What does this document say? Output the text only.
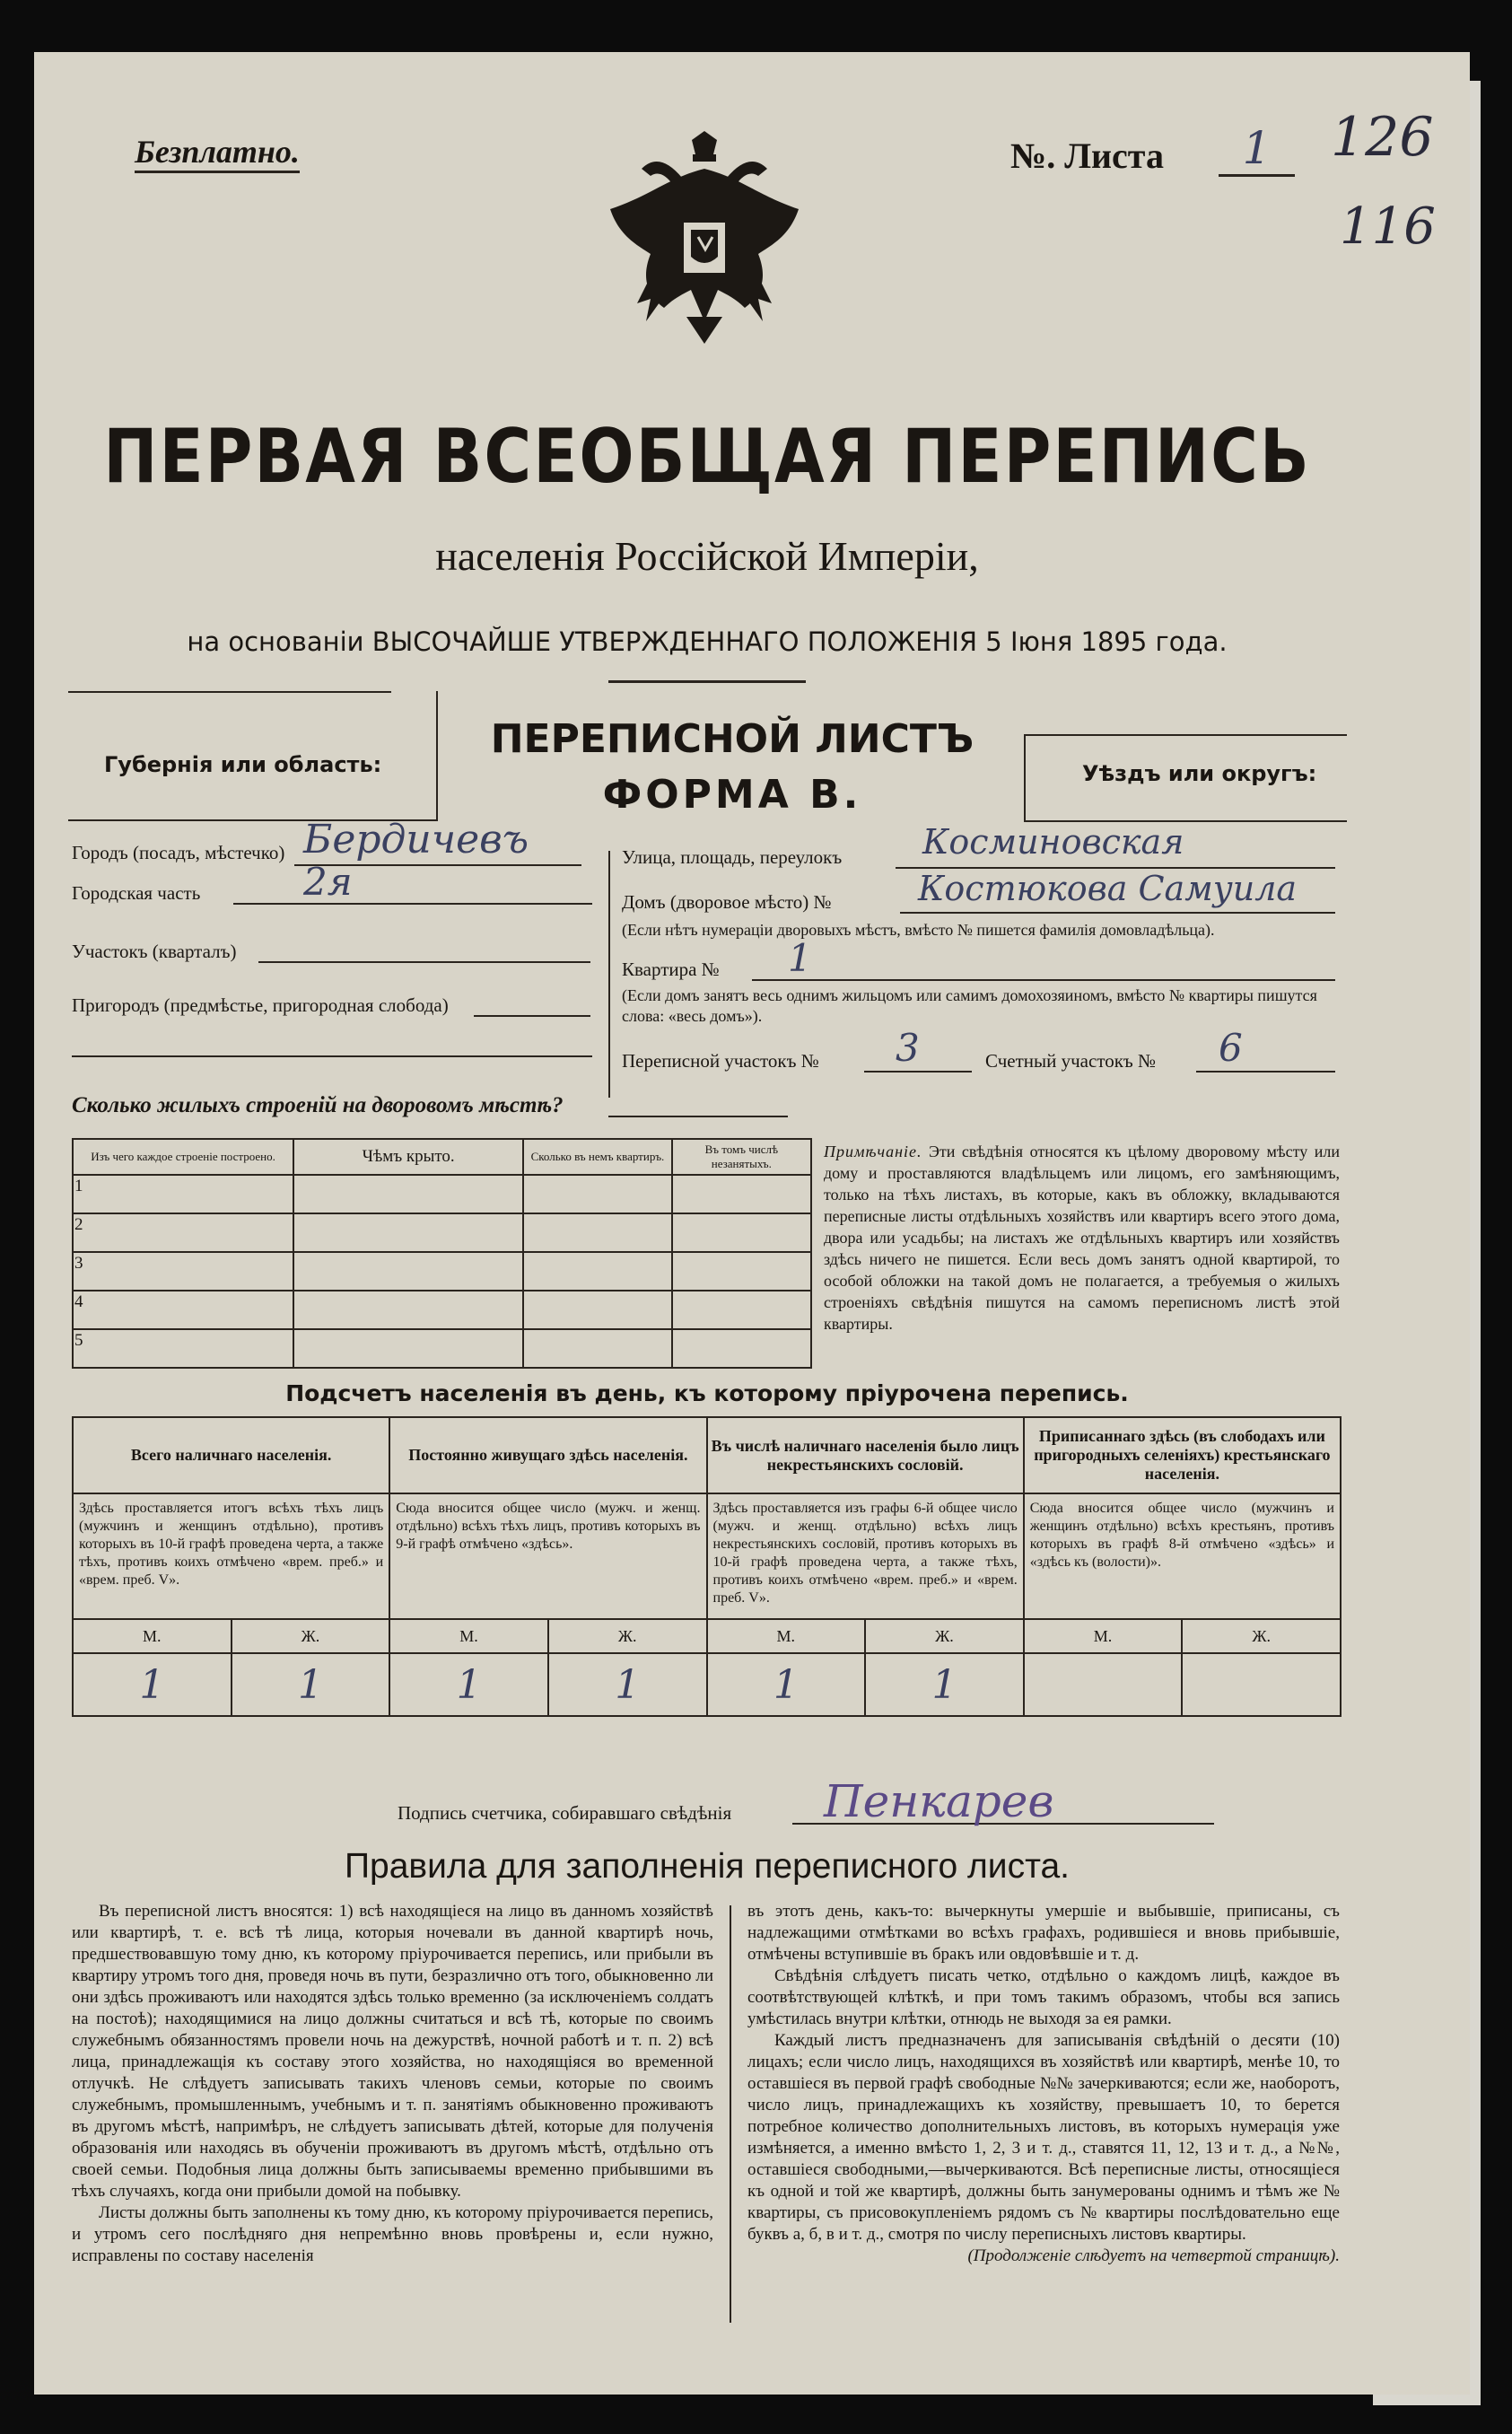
Безплатно.	№. Листа	1	126
116
ПЕРВАЯ ВСЕОБЩАЯ ПЕРЕПИСЬ
населенія Россійской Имперіи,
на основаніи ВЫСОЧАЙШЕ УТВЕРЖДЕННАГО ПОЛОЖЕНІЯ 5 Іюня 1895 года.
Губернія или область:
ПЕРЕПИСНОЙ ЛИСТЪ
ФОРМА В.	Уѣздъ или округъ:
Городъ (посадъ, мѣстечко) Бердичевъ
Городская часть	2я
Участокъ (кварталъ)
Пригородъ (предмѣстье, пригородная слобода)
Улица, площадь, переулокъ Косминовская
Домъ (дворовое мѣсто) №	Костюкова Самуила
(Если нѣтъ нумераціи дворовыхъ мѣстъ, вмѣсто № пишется фамилія домовладѣльца).
Квартира № 1
(Если домъ занятъ весь однимъ жильцомъ или самимъ домохозяиномъ, вмѣсто № квартиры пишутся слова: «весь домъ»).
Переписной участокъ № 3	Счетный участокъ № 6
Сколько жилыхъ строеній на дворовомъ мѣстѣ?
Изъ чего каждое строеніе построено.	Чѣмъ крыто.	Сколько въ немъ квартиръ.	Въ томъ числѣ незанятыхъ.
1			
2			
3			
4			
5			
Примѣчаніе. Эти свѣдѣнія относятся къ цѣлому дворовому мѣсту или дому и проставляются владѣльцемъ или лицомъ, его замѣняющимъ, только на тѣхъ листахъ, въ которые, какъ въ обложку, вкладываются переписные листы отдѣльныхъ хозяйствъ или квартиръ всего этого дома, двора или усадьбы; на листахъ же отдѣльныхъ квартиръ или хозяйствъ здѣсь ничего не пишется. Если весь домъ занятъ одной квартирой, то особой обложки на такой домъ не полагается, а требуемыя о жилыхъ строеніяхъ свѣдѣнія пишутся на самомъ переписномъ листѣ этой квартиры.
Подсчетъ населенія въ день, къ которому пріурочена перепись.
Всего наличнаго населенія.		Постоянно живущаго здѣсь населенія.		Въ числѣ наличнаго населенія было лицъ некрестьянскихъ сословій.		Приписаннаго здѣсь (въ слободахъ или пригородныхъ селеніяхъ) крестьянскаго населенія.	
Здѣсь проставляется итогъ всѣхъ тѣхъ лицъ (мужчинъ и женщинъ отдѣльно), противъ которыхъ въ 10-й графѣ проведена черта, а также тѣхъ, противъ коихъ отмѣчено «врем. преб.» и «врем. преб. V».		Сюда вносится общее число (мужч. и женщ. отдѣльно) всѣхъ тѣхъ лицъ, противъ которыхъ въ 9-й графѣ отмѣчено «здѣсь».		Здѣсь проставляется изъ графы 6-й общее число (мужч. и женщ. отдѣльно) всѣхъ лицъ некрестьянскихъ сословій, противъ которыхъ въ 10-й графѣ проведена черта, а также тѣхъ, противъ коихъ отмѣчено «врем. преб.» и «врем. преб. V».		Сюда вносится общее число (мужчинъ и женщинъ отдѣльно) всѣхъ крестьянъ, противъ которыхъ въ графѣ 8-й отмѣчено «здѣсь» и «здѣсь къ (волости)».	
М.	Ж.	М.	Ж.	М.	Ж.	М.	Ж.
1	1	1	1	1	1		
Подпись счетчика, собиравшаго свѣдѣнія Пенкарев
Правила для заполненія переписного листа.

Въ переписной листъ вносятся: 1) всѣ находящіеся на лицо въ данномъ хозяйствѣ или квартирѣ, т. е. всѣ тѣ лица, которыя ночевали въ данной квартирѣ ночь, предшествовавшую тому дню, къ которому пріурочивается перепись, или прибыли въ квартиру утромъ того дня, проведя ночь въ пути, безразлично отъ того, обыкновенно ли они здѣсь проживаютъ или находятся здѣсь только временно (за исключеніемъ солдатъ на постоѣ); находящимися на лицо должны считаться и всѣ тѣ, которые по своимъ служебнымъ обязанностямъ провели ночь на дежурствѣ, ночной работѣ и т. п. 2) всѣ лица, принадлежащія къ составу этого хозяйства, но находящіяся во временной отлучкѣ. Не слѣдуетъ записывать такихъ членовъ семьи, которые по своимъ служебнымъ, промышленнымъ, учебнымъ и т. п. занятіямъ обыкновенно проживаютъ въ другомъ мѣстѣ, напримѣръ, не слѣдуетъ записывать дѣтей, которые для полученія образованія или находясь въ обученіи проживаютъ въ другомъ мѣстѣ, отдѣльно отъ своей семьи. Подобныя лица должны быть записываемы временно прибывшими въ тѣхъ случаяхъ, когда они прибыли домой на побывку.

Листы должны быть заполнены къ тому дню, къ которому пріурочивается перепись, и утромъ сего послѣдняго дня непремѣнно вновь провѣрены и, если нужно, исправлены по составу населенія

въ этотъ день, какъ-то: вычеркнуты умершіе и выбывшіе, приписаны, съ надлежащими отмѣтками во всѣхъ графахъ, родившіеся и вновь прибывшіе, отмѣчены вступившіе въ бракъ или овдовѣвшіе и т. д.

Свѣдѣнія слѣдуетъ писать четко, отдѣльно о каждомъ лицѣ, каждое въ соотвѣтствующей клѣткѣ, и при томъ такимъ образомъ, чтобы вся запись умѣстилась внутри клѣтки, отнюдь не выходя за ея рамки.

Каждый листъ предназначенъ для записыванія свѣдѣній о десяти (10) лицахъ; если число лицъ, находящихся въ хозяйствѣ или квартирѣ, менѣе 10, то оставшіеся въ первой графѣ свободные №№ зачеркиваются; если же, наоборотъ, число лицъ, принадлежащихъ къ хозяйству, превышаетъ 10, то берется потребное количество дополнительныхъ листовъ, въ которыхъ нумерація уже измѣняется, а именно вмѣсто 1, 2, 3 и т. д., ставятся 11, 12, 13 и т. д., а №№, оставшіеся свободными,—вычеркиваются. Всѣ переписные листы, относящіеся къ одной и той же квартирѣ, должны быть занумерованы однимъ и тѣмъ же № квартиры, съ присовокупленіемъ рядомъ съ № квартиры послѣдовательно еще буквъ а, б, в и т. д., смотря по числу переписныхъ листовъ квартиры.

(Продолженіе слѣдуетъ на четвертой страницѣ).
